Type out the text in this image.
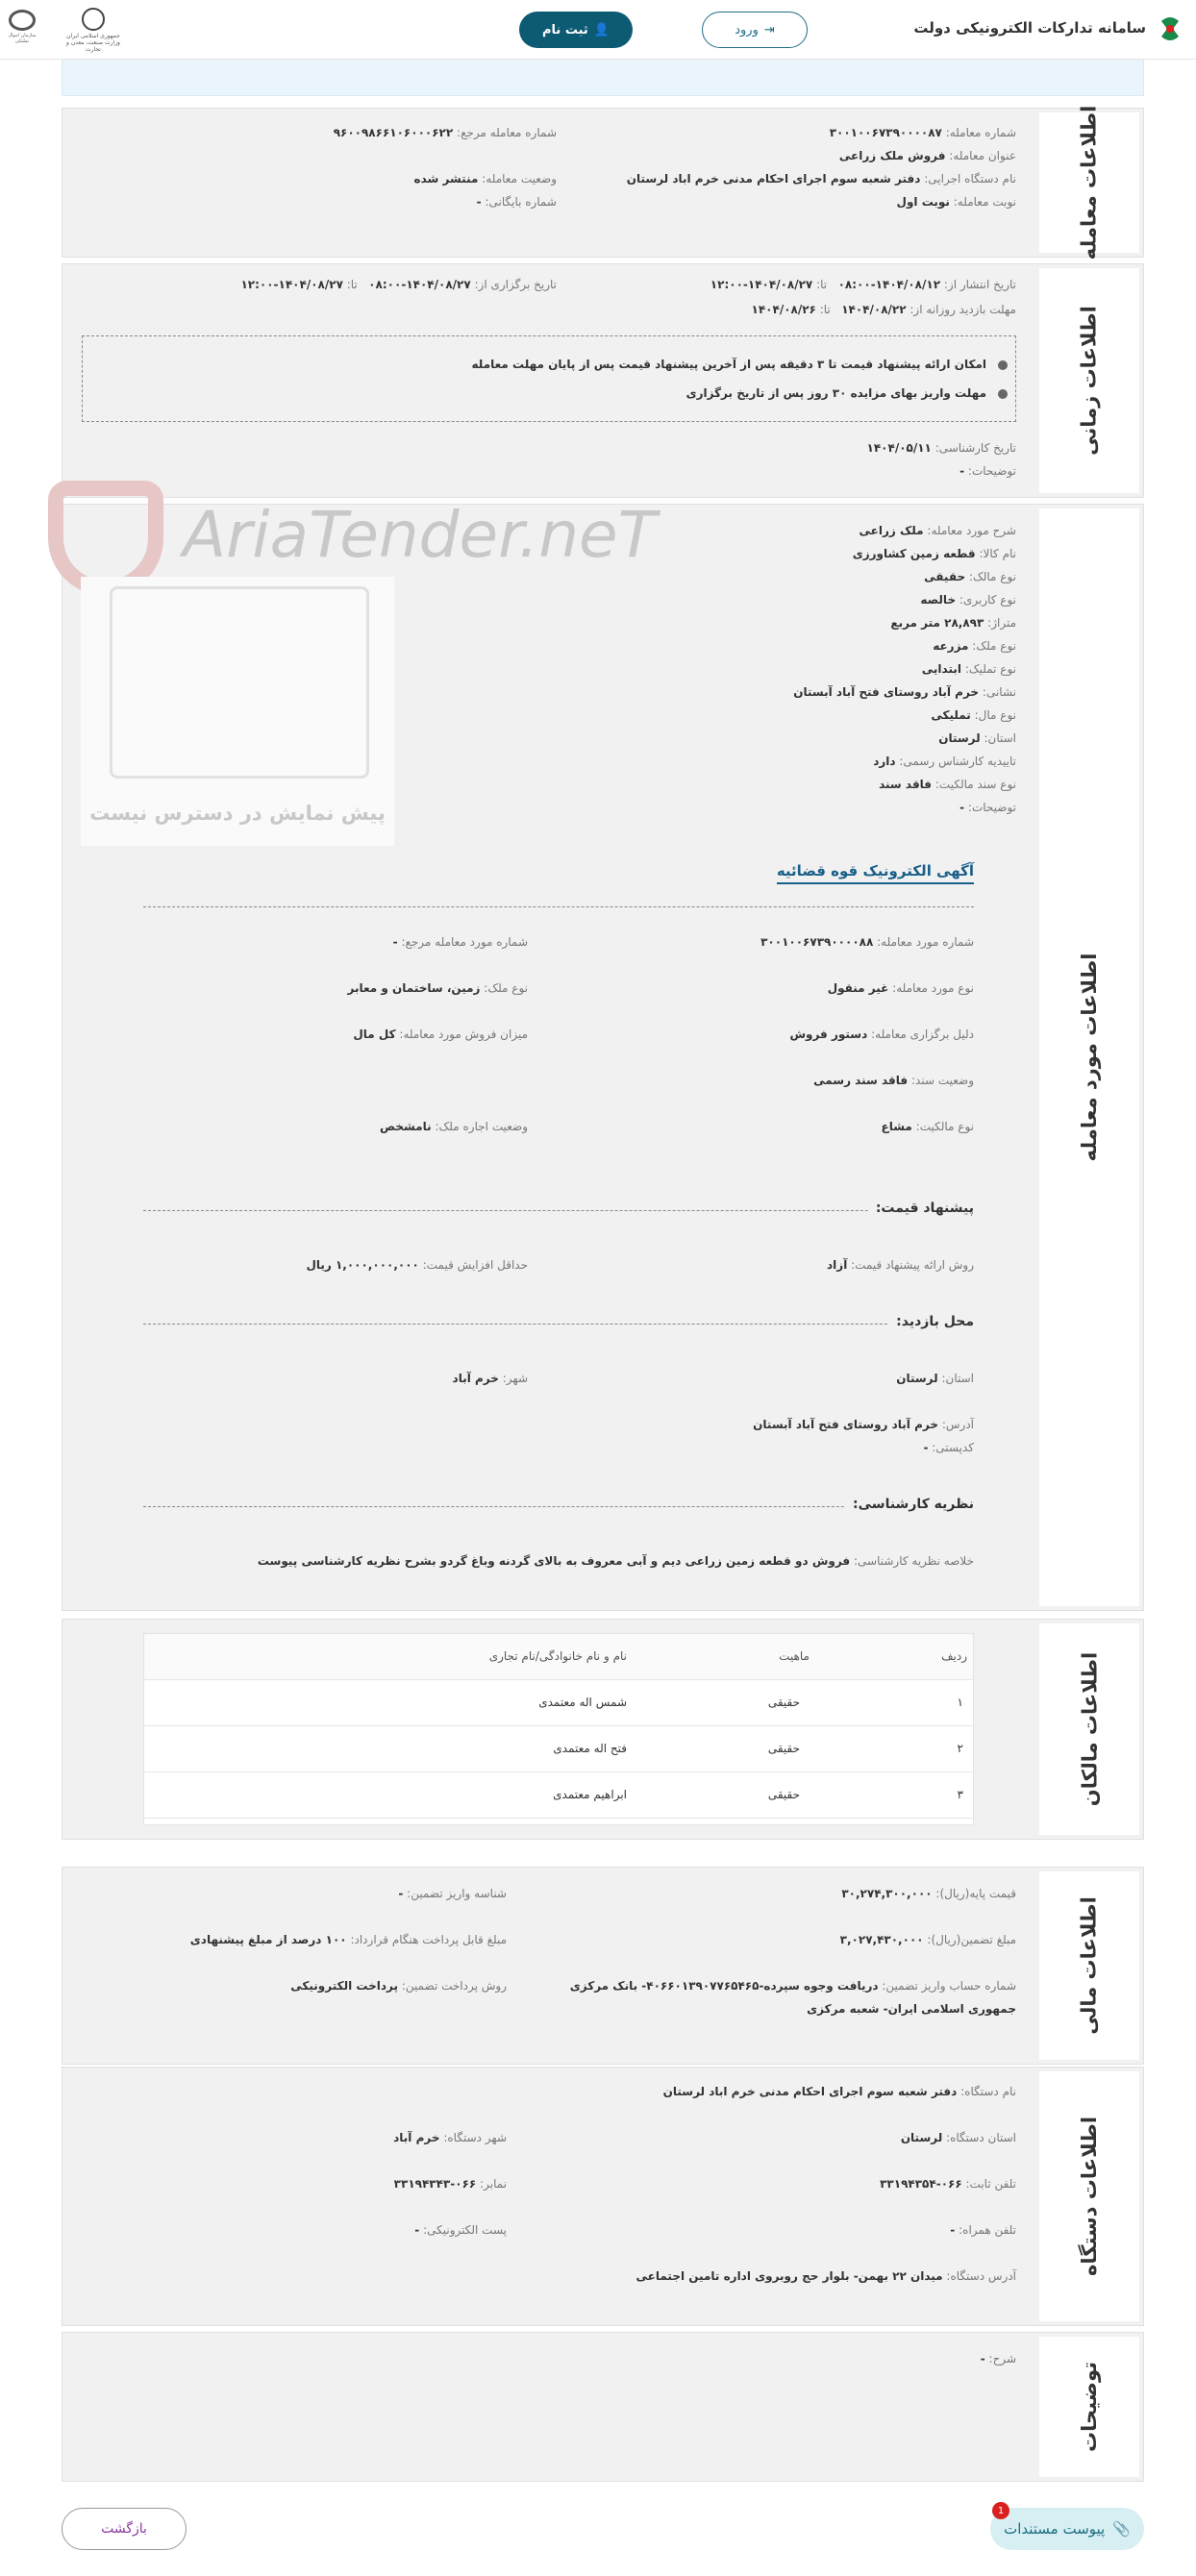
سامانه تدارکات الکترونیکی دولت
⇥
ورود
👤
ثبت نام
جمهوری اسلامی ایران وزارت صنعت، معدن و تجارت
سازمان اموال تملیکی
اطلاعات معامله
شماره معامله: ۳۰۰۱۰۰۶۷۳۹۰۰۰۰۸۷
شماره معامله مرجع: ۹۶۰۰۹۸۶۶۱۰۶۰۰۰۶۲۲
عنوان معامله: فروش ملک زراعی
نام دستگاه اجرایی: دفتر شعبه سوم اجرای احکام مدنی خرم اباد لرستان
وضعیت معامله: منتشر شده
نوبت معامله: نوبت اول
شماره بایگانی: -
اطلاعات زمانی
تاریخ انتشار از: ۱۴۰۴/۰۸/۱۲-۰۸:۰۰   تا: ۱۴۰۴/۰۸/۲۷-۱۲:۰۰
تاریخ برگزاری از: ۱۴۰۴/۰۸/۲۷-۰۸:۰۰   تا: ۱۴۰۴/۰۸/۲۷-۱۲:۰۰
مهلت بازدید روزانه از: ۱۴۰۴/۰۸/۲۲   تا: ۱۴۰۴/۰۸/۲۶
امکان ارائه پیشنهاد قیمت تا ۳ دقیقه پس از آخرین پیشنهاد قیمت پس از پایان مهلت معامله
مهلت واریز بهای مزایده ۳۰ روز پس از تاریخ برگزاری
تاریخ کارشناسی: ۱۴۰۴/۰۵/۱۱
توضیحات: -
اطلاعات مورد معامله
شرح مورد معامله: ملک زراعی
نام کالا: قطعه زمین کشاورزی
نوع مالک: حقیقی
نوع کاربری: خالصه
متراژ: ۲۸,۸۹۳ متر مربع
نوع ملک: مزرعه
نوع تملیک: ابتدایی
نشانی: خرم آباد روستای فتح آباد آبستان
نوع مال: تملیکی
استان: لرستان
تاییدیه کارشناس رسمی: دارد
نوع سند مالکیت: فاقد سند
توضیحات: -
آگهی الکترونیک قوه قضائیه
شماره مورد معامله: ۳۰۰۱۰۰۶۷۳۹۰۰۰۰۸۸
شماره مورد معامله مرجع: -
نوع مورد معامله: غیر منقول
نوع ملک: زمین، ساختمان و معابر
دلیل برگزاری معامله: دستور فروش
میزان فروش مورد معامله: کل مال
وضعیت سند: فاقد سند رسمی
نوع مالکیت: مشاع
وضعیت اجاره ملک: نامشخص
پیشنهاد قیمت:
روش ارائه پیشنهاد قیمت: آزاد
حداقل افزایش قیمت: ۱,۰۰۰,۰۰۰,۰۰۰ ریال
محل بازدید:
استان: لرستان
شهر: خرم آباد
آدرس: خرم آباد روستای فتح آباد آبستان
کدپستی: -
نظریه کارشناسی:
خلاصه نظریه کارشناسی: فروش دو قطعه زمین زراعی دیم و آبی معروف به بالای گردنه وباغ گردو بشرح نظریه کارشناسی پیوست
AriaTender.neT
پیش نمایش در دسترس نیست
اطلاعات مالکان
ردیف
ماهیت
نام و نام خانوادگی/نام تجاری
۱
حقیقی
شمس اله معتمدی
۲
حقیقی
فتح اله معتمدی
۳
حقیقی
ابراهیم معتمدی
اطلاعات مالی
قیمت پایه(ریال): ۳۰,۲۷۴,۳۰۰,۰۰۰
شناسه واریز تضمین: -
مبلغ تضمین(ریال): ۳,۰۲۷,۴۳۰,۰۰۰
مبلغ قابل پرداخت هنگام قرارداد: ۱۰۰ درصد از مبلغ پیشنهادی
شماره حساب واریز تضمین: دریافت وجوه سپرده-۴۰۶۶۰۱۳۹۰۷۷۶۵۴۶۵- بانک مرکزی
جمهوری اسلامی ایران- شعبه مرکزی
روش پرداخت تضمین: پرداخت الکترونیکی
اطلاعات دستگاه
نام دستگاه: دفتر شعبه سوم اجرای احکام مدنی خرم اباد لرستان
استان دستگاه: لرستان
شهر دستگاه: خرم آباد
تلفن ثابت: ۰۶۶-۳۳۱۹۴۳۵۴
نمابر: ۰۶۶-۳۳۱۹۴۳۴۳
تلفن همراه: -
پست الکترونیکی: -
آدرس دستگاه: میدان ۲۲ بهمن- بلوار حج روبروی اداره تامین اجتماعی
توضیحات
شرح: -
📎
پیوست مستندات
1
بازگشت
